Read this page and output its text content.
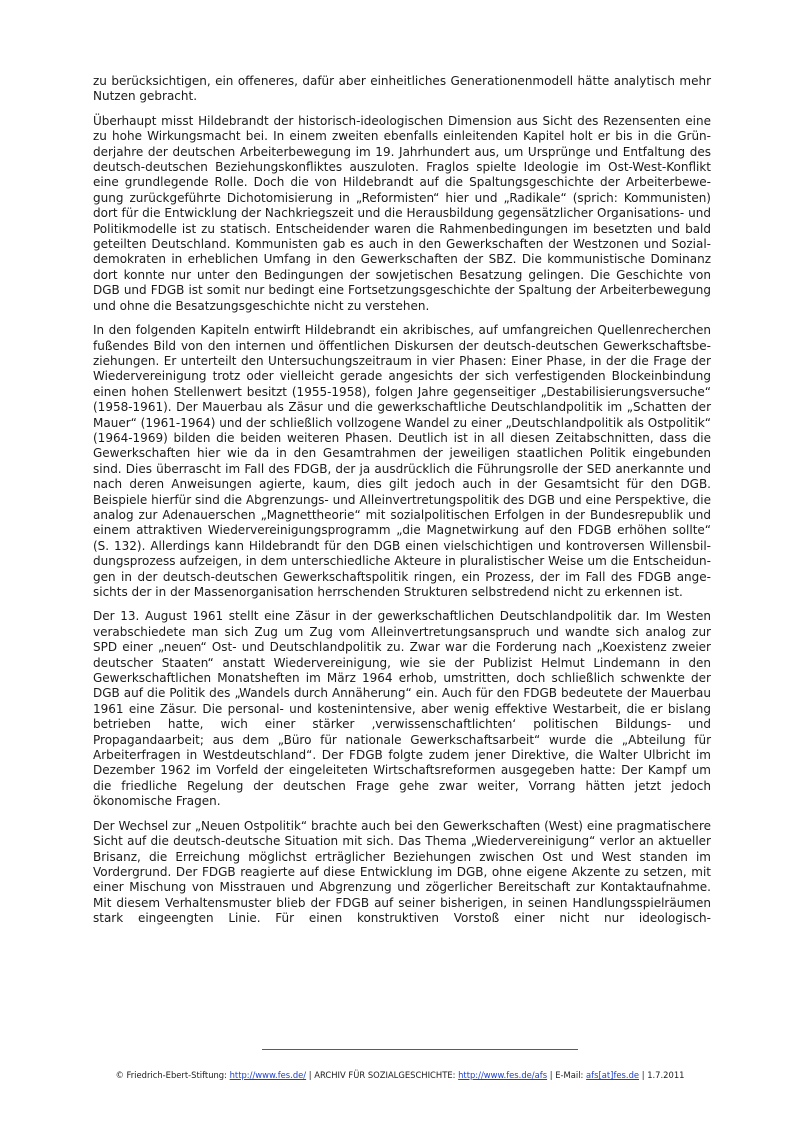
zu berücksichtigen, ein offeneres, dafür aber einheitliches Generationenmodell hätte analytisch mehr Nutzen gebracht.

Überhaupt misst Hildebrandt der historisch-ideologischen Dimension aus Sicht des Rezensenten eine zu hohe Wirkungsmacht bei. In einem zweiten ebenfalls einleitenden Kapitel holt er bis in die Gründerjahre der deutschen Arbeiterbewegung im 19. Jahrhundert aus, um Ursprünge und Entfaltung des deutsch-deutschen Beziehungskonfliktes auszuloten. Fraglos spielte Ideologie im Ost-West-Konflikt eine grundlegende Rolle. Doch die von Hildebrandt auf die Spaltungsgeschichte der Arbeiterbewegung zurückgeführte Dichotomisierung in „Reformisten“ hier und „Radikale“ (sprich: Kommunisten) dort für die Entwicklung der Nachkriegszeit und die Herausbildung gegensätzlicher Organisations- und Politikmodelle ist zu statisch. Entscheidender waren die Rahmenbedingungen im besetzten und bald geteilten Deutschland. Kommunisten gab es auch in den Gewerkschaften der Westzonen und Sozialdemokraten in erheblichen Umfang in den Gewerkschaften der SBZ. Die kommunistische Dominanz dort konnte nur unter den Bedingungen der sowjetischen Besatzung gelingen. Die Geschichte von DGB und FDGB ist somit nur bedingt eine Fortsetzungsgeschichte der Spaltung der Arbeiterbewegung und ohne die Besatzungsgeschichte nicht zu verstehen.

In den folgenden Kapiteln entwirft Hildebrandt ein akribisches, auf umfangreichen Quellenrecherchen fußendes Bild von den internen und öffentlichen Diskursen der deutsch-deutschen Gewerkschaftsbeziehungen. Er unterteilt den Untersuchungszeitraum in vier Phasen: Einer Phase, in der die Frage der Wiedervereinigung trotz oder vielleicht gerade angesichts der sich verfestigenden Blockeinbindung einen hohen Stellenwert besitzt (1955-1958), folgen Jahre gegenseitiger „Destabilisierungsversuche“ (1958-1961). Der Mauerbau als Zäsur und die gewerkschaftliche Deutschlandpolitik im „Schatten der Mauer“ (1961-1964) und der schließlich vollzogene Wandel zu einer „Deutschlandpolitik als Ostpolitik“ (1964-1969) bilden die beiden weiteren Phasen. Deutlich ist in all diesen Zeitabschnitten, dass die Gewerkschaften hier wie da in den Gesamtrahmen der jeweiligen staatlichen Politik eingebunden sind. Dies überrascht im Fall des FDGB, der ja ausdrücklich die Führungsrolle der SED anerkannte und nach deren Anweisungen agierte, kaum, dies gilt jedoch auch in der Gesamtsicht für den DGB. Beispiele hierfür sind die Abgrenzungs- und Alleinvertretungspolitik des DGB und eine Perspektive, die analog zur Adenauerschen „Magnettheorie“ mit sozialpolitischen Erfolgen in der Bundesrepublik und einem attraktiven Wiedervereinigungsprogramm „die Magnetwirkung auf den FDGB erhöhen sollte“ (S. 132). Allerdings kann Hildebrandt für den DGB einen vielschichtigen und kontroversen Willensbildungsprozess aufzeigen, in dem unterschiedliche Akteure in pluralistischer Weise um die Entscheidungen in der deutsch-deutschen Gewerkschaftspolitik ringen, ein Prozess, der im Fall des FDGB angesichts der in der Massenorganisation herrschenden Strukturen selbstredend nicht zu erkennen ist.

Der 13. August 1961 stellt eine Zäsur in der gewerkschaftlichen Deutschlandpolitik dar. Im Westen verabschiedete man sich Zug um Zug vom Alleinvertretungsanspruch und wandte sich analog zur SPD einer „neuen“ Ost- und Deutschlandpolitik zu. Zwar war die Forderung nach „Koexistenz zweier deutscher Staaten“ anstatt Wiedervereinigung, wie sie der Publizist Helmut Lindemann in den Gewerkschaftlichen Monatsheften im März 1964 erhob, umstritten, doch schließlich schwenkte der DGB auf die Politik des „Wandels durch Annäherung“ ein. Auch für den FDGB bedeutete der Mauerbau 1961 eine Zäsur. Die personal- und kostenintensive, aber wenig effektive Westarbeit, die er bislang betrieben hatte, wich einer stärker ‚verwissenschaftlichten‘ politischen Bildungs- und Propagandaarbeit; aus dem „Büro für nationale Gewerkschaftsarbeit“ wurde die „Abteilung für Arbeiterfragen in Westdeutschland“. Der FDGB folgte zudem jener Direktive, die Walter Ulbricht im Dezember 1962 im Vorfeld der eingeleiteten Wirtschaftsreformen ausgegeben hatte: Der Kampf um die friedliche Regelung der deutschen Frage gehe zwar weiter, Vorrang hätten jetzt jedoch ökonomische Fragen.

Der Wechsel zur „Neuen Ostpolitik“ brachte auch bei den Gewerkschaften (West) eine pragmatischere Sicht auf die deutsch-deutsche Situation mit sich. Das Thema „Wiedervereinigung“ verlor an aktueller Brisanz, die Erreichung möglichst erträglicher Beziehungen zwischen Ost und West standen im Vordergrund. Der FDGB reagierte auf diese Entwicklung im DGB, ohne eigene Akzente zu setzen, mit einer Mischung von Misstrauen und Abgrenzung und zögerlicher Bereitschaft zur Kontaktaufnahme. Mit diesem Verhaltensmuster blieb der FDGB auf seiner bisherigen, in seinen Handlungsspielräumen stark eingeengten Linie. Für einen konstruktiven Vorstoß einer nicht nur ideologisch-

© Friedrich-Ebert-Stiftung: http://www.fes.de/ | ARCHIV FÜR SOZIALGESCHICHTE: http://www.fes.de/afs | E-Mail: afs[at]fes.de | 1.7.2011
